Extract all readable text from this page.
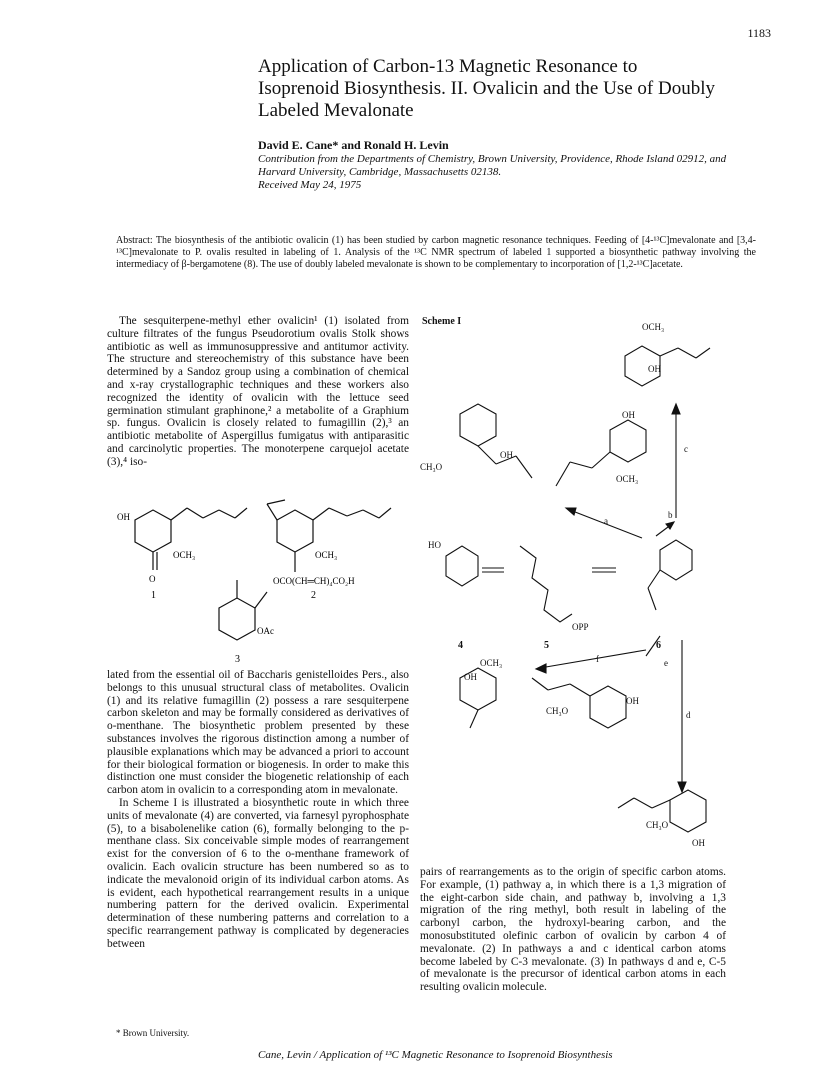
1183
Application of Carbon-13 Magnetic Resonance to Isoprenoid Biosynthesis. II. Ovalicin and the Use of Doubly Labeled Mevalonate
David E. Cane* and Ronald H. Levin
Contribution from the Departments of Chemistry, Brown University, Providence, Rhode Island 02912, and Harvard University, Cambridge, Massachusetts 02138.
Received May 24, 1975
Abstract: The biosynthesis of the antibiotic ovalicin (1) has been studied by carbon magnetic resonance techniques. Feeding of [4-¹³C]mevalonate and [3,4-¹³C]mevalonate to P. ovalis resulted in labeling of 1. Analysis of the ¹³C NMR spectrum of labeled 1 supported a biosynthetic pathway involving the intermediacy of β-bergamotene (8). The use of doubly labeled mevalonate is shown to be complementary to incorporation of [1,2-¹³C]acetate.

The sesquiterpene-methyl ether ovalicin¹ (1) isolated from culture filtrates of the fungus Pseudorotium ovalis Stolk shows antibiotic as well as immunosuppressive and antitumor activity. The structure and stereochemistry of this substance have been determined by a Sandoz group using a combination of chemical and x-ray crystallographic techniques and these workers also recognized the identity of ovalicin with the lettuce seed germination stimulant graphinone,² a metabolite of a Graphium sp. fungus. Ovalicin is closely related to fumagillin (2),³ an antibiotic metabolite of Aspergillus fumigatus with antiparasitic and carcinolytic properties. The monoterpene carquejol acetate (3),⁴ iso-

OH
OCH₃
O
1
OCH₃
OCO(CH═CH)₄CO₂H
2
OAc
3

lated from the essential oil of Baccharis genistelloides Pers., also belongs to this unusual structural class of metabolites. Ovalicin (1) and its relative fumagillin (2) possess a rare sesquiterpene carbon skeleton and may be formally considered as derivatives of o-menthane. The biosynthetic problem presented by these substances involves the rigorous distinction among a number of plausible explanations which may be advanced a priori to account for their biological formation or biogenesis. In order to make this distinction one must consider the biogenetic relationship of each carbon atom in ovalicin to a corresponding atom in mevalonate.

In Scheme I is illustrated a biosynthetic route in which three units of mevalonate (4) are converted, via farnesyl pyrophosphate (5), to a bisabolenelike cation (6), formally belonging to the p-menthane class. Six conceivable simple modes of rearrangement exist for the conversion of 6 to the o-menthane framework of ovalicin. Each ovalicin structure has been numbered so as to indicate the mevalonoid origin of its individual carbon atoms. As is evident, each hypothetical rearrangement results in a unique numbering pattern for the derived ovalicin. Experimental determination of these numbering patterns and correlation to a specific rearrangement pathway is complicated by degeneracies between

* Brown University.
Scheme I	OCH₃
OH
CH₃O
OH
OH
OCH₃
HO
OPP
OCH₃
OH
CH₃O
OH
CH₃O
OH
c
a
b
e
f
d
4	5	6

pairs of rearrangements as to the origin of specific carbon atoms. For example, (1) pathway a, in which there is a 1,3 migration of the eight-carbon side chain, and pathway b, involving a 1,3 migration of the ring methyl, both result in labeling of the carbonyl carbon, the hydroxyl-bearing carbon, and the monosubstituted olefinic carbon of ovalicin by carbon 4 of mevalonate. (2) In pathways a and c identical carbon atoms become labeled by C-3 mevalonate. (3) In pathways d and e, C-5 of mevalonate is the precursor of identical carbon atoms in each resulting ovalicin molecule.

Cane, Levin / Application of ¹³C Magnetic Resonance to Isoprenoid Biosynthesis
